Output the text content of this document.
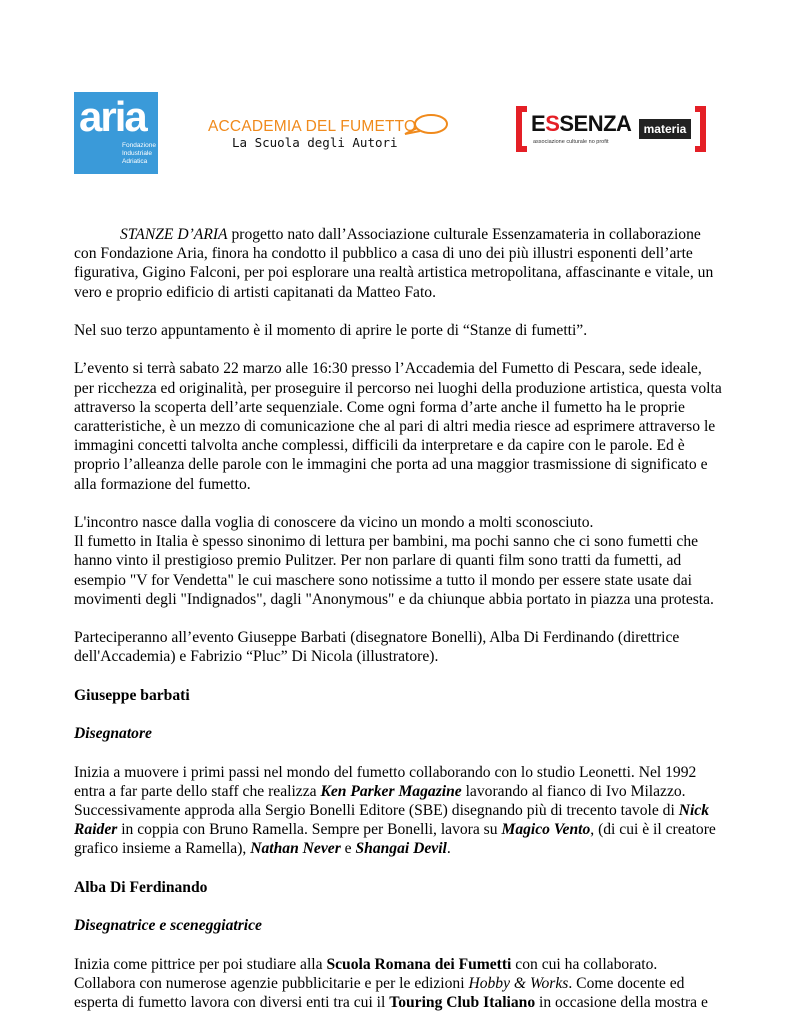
aria
Fondazione
Industriale
Adriatica
ACCADEMIA DEL FUMETTO
La Scuola degli Autori
ESSENZA	materia
associazione culturale no profit

STANZE D’ARIA progetto nato dall’Associazione culturale Essenzamateria in collaborazione con Fondazione Aria, finora ha condotto il pubblico a casa di uno dei più illustri esponenti dell’arte figurativa, Gigino Falconi, per poi esplorare una realtà artistica metropolitana, affascinante e vitale, un vero e proprio edificio di artisti capitanati da Matteo Fato.

Nel suo terzo appuntamento è il momento di aprire le porte di “Stanze di fumetti”.

L’evento si terrà sabato 22 marzo alle 16:30 presso l’Accademia del Fumetto di Pescara, sede ideale, per ricchezza ed originalità, per proseguire il percorso nei luoghi della produzione artistica, questa volta attraverso la scoperta dell’arte sequenziale. Come ogni forma d’arte anche il fumetto ha le proprie caratteristiche, è un mezzo di comunicazione che al pari di altri media riesce ad esprimere attraverso le immagini concetti talvolta anche complessi, difficili da interpretare e da capire con le parole. Ed è proprio l’alleanza delle parole con le immagini che porta ad una maggior trasmissione di significato e alla formazione del fumetto.

L'incontro nasce dalla voglia di conoscere da vicino un mondo a molti sconosciuto.

Il fumetto in Italia è spesso sinonimo di lettura per bambini, ma pochi sanno che ci sono fumetti che hanno vinto il prestigioso premio Pulitzer. Per non parlare di quanti film sono tratti da fumetti, ad esempio "V for Vendetta" le cui maschere sono notissime a tutto il mondo per essere state usate dai movimenti degli "Indignados", dagli "Anonymous" e da chiunque abbia portato in piazza una protesta.

Parteciperanno all’evento Giuseppe Barbati (disegnatore Bonelli), Alba Di Ferdinando (direttrice dell'Accademia) e Fabrizio “Pluc” Di Nicola (illustratore).

Giuseppe barbati

Disegnatore

Inizia a muovere i primi passi nel mondo del fumetto collaborando con lo studio Leonetti. Nel 1992 entra a far parte dello staff che realizza Ken Parker Magazine lavorando al fianco di Ivo Milazzo. Successivamente approda alla Sergio Bonelli Editore (SBE) disegnando più di trecento tavole di Nick Raider in coppia con Bruno Ramella. Sempre per Bonelli, lavora su Magico Vento, (di cui è il creatore grafico insieme a Ramella), Nathan Never e Shangai Devil.

Alba Di Ferdinando

Disegnatrice e sceneggiatrice

Inizia come pittrice per poi studiare alla Scuola Romana dei Fumetti con cui ha collaborato. Collabora con numerose agenzie pubblicitarie e per le edizioni Hobby & Works. Come docente ed esperta di fumetto lavora con diversi enti tra cui il Touring Club Italiano in occasione della mostra e
